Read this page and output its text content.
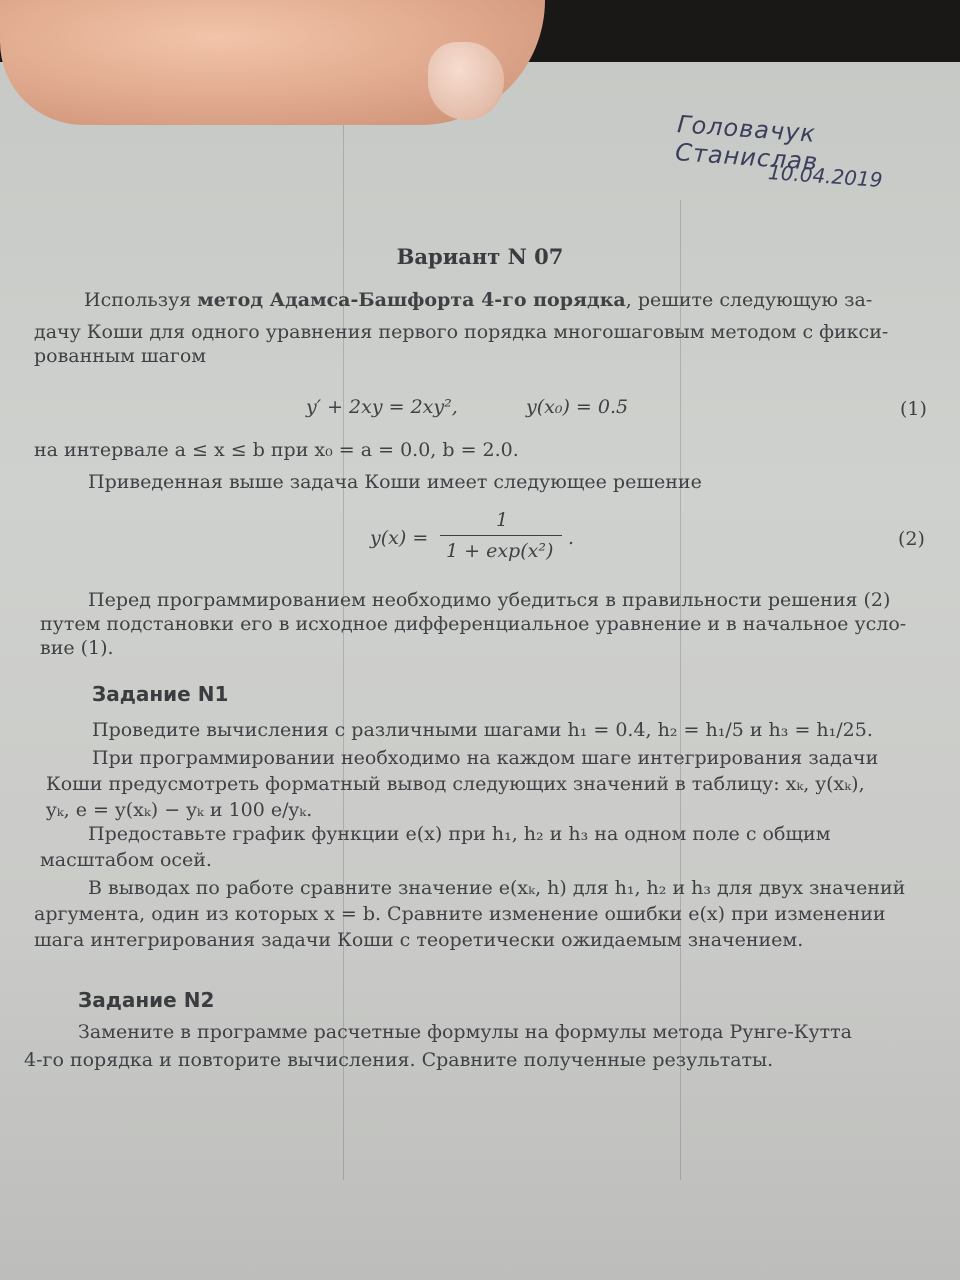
Головачук Станислав
10.04.2019
Вариант N 07
Используя метод Адамса-Башфорта 4-го порядка, решите следующую за-
дачу Коши для одного уравнения первого порядка многошаговым методом с фикси-
рованным шагом
y′ + 2xy = 2xy²,	y(x₀) = 0.5	(1)
на интервале a ≤ x ≤ b при x₀ = a = 0.0, b = 2.0.
Приведенная выше задача Коши имеет следующее решение
y(x) =
1
1 + exp(x²)
.	(2)
Перед программированием необходимо убедиться в правильности решения (2)
путем подстановки его в исходное дифференциальное уравнение и в начальное усло-
вие (1).
Задание N1
Проведите вычисления с различными шагами h₁ = 0.4, h₂ = h₁/5 и h₃ = h₁/25.
При программировании необходимо на каждом шаге интегрирования задачи
Коши предусмотреть форматный вывод следующих значений в таблицу: xₖ, y(xₖ),
yₖ, e = y(xₖ) − yₖ и 100 e/yₖ.
Предоставьте график функции e(x) при h₁, h₂ и h₃ на одном поле с общим
масштабом осей.
В выводах по работе сравните значение e(xₖ, h) для h₁, h₂ и h₃ для двух значений
аргумента, один из которых x = b. Сравните изменение ошибки e(x) при изменении
шага интегрирования задачи Коши с теоретически ожидаемым значением.
Задание N2
Замените в программе расчетные формулы на формулы метода Рунге-Кутта
4-го порядка и повторите вычисления. Сравните полученные результаты.
